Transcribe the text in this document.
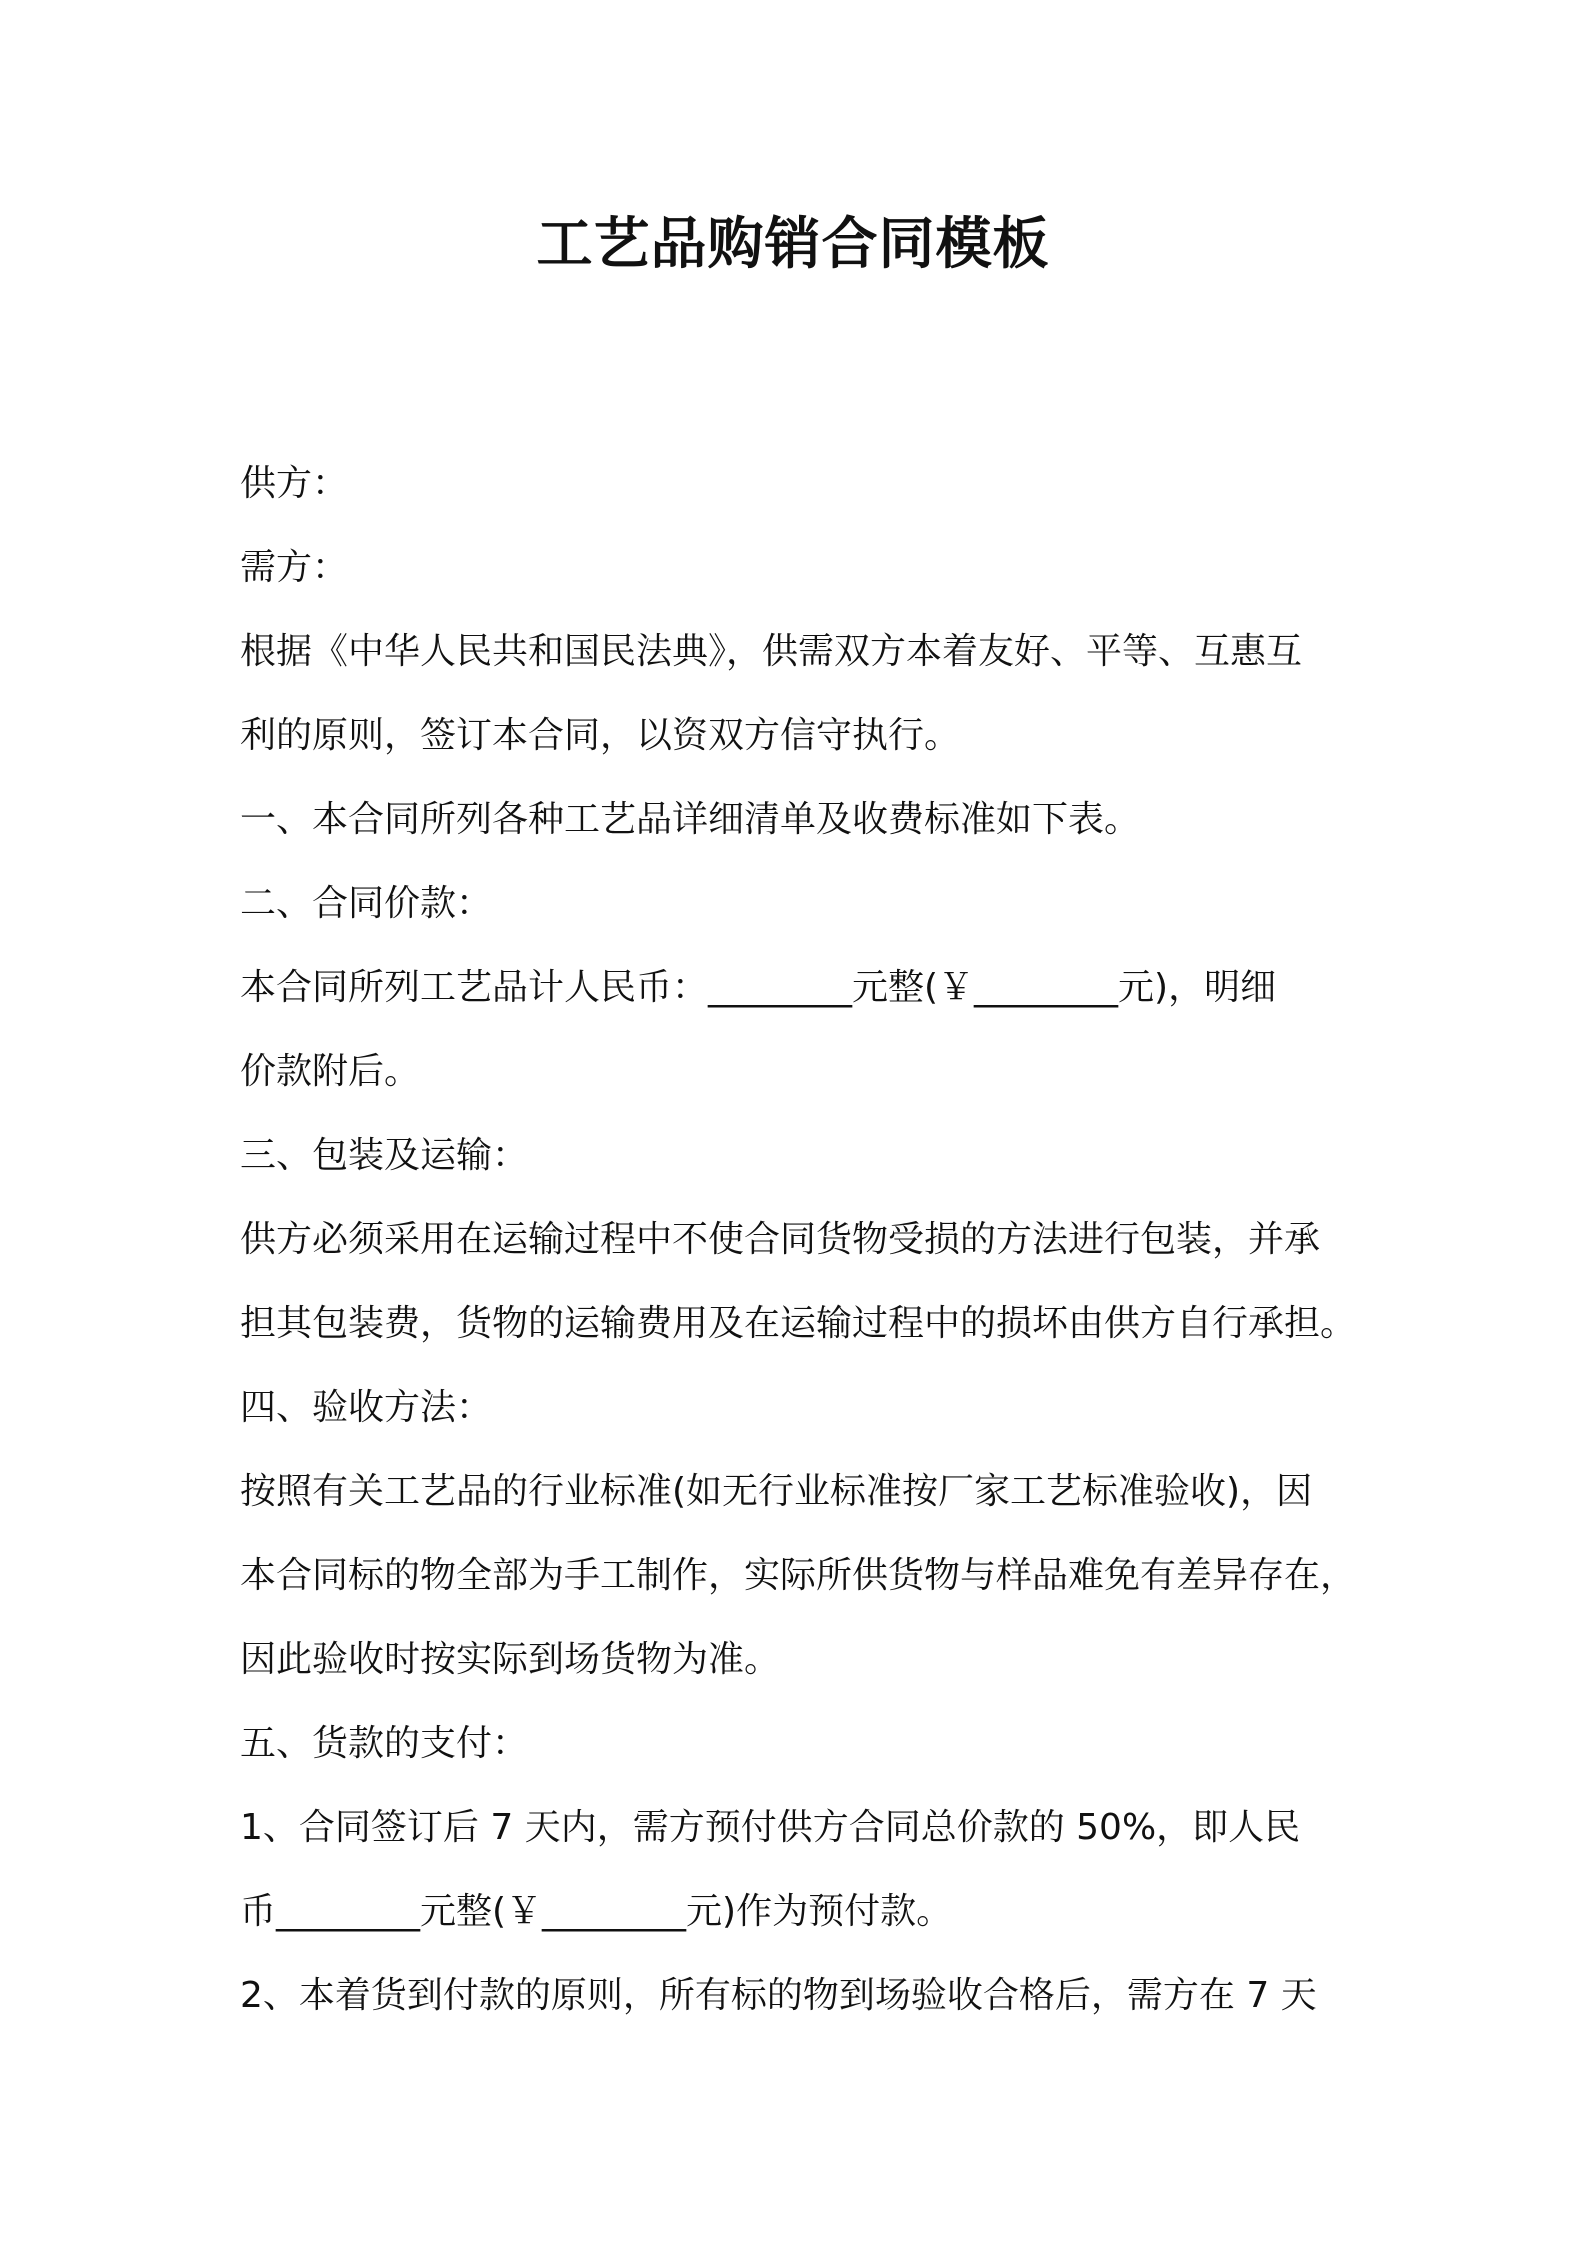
工艺品购销合同模板

供方：

需方：

根据《中华人民共和国民法典》，供需双方本着友好、平等、互惠互

利的原则，签订本合同，以资双方信守执行。

一、本合同所列各种工艺品详细清单及收费标准如下表。

二、合同价款：

本合同所列工艺品计人民币：________元整(￥________元)，明细

价款附后。

三、包装及运输：

供方必须采用在运输过程中不使合同货物受损的方法进行包装，并承

担其包装费，货物的运输费用及在运输过程中的损坏由供方自行承担。

四、验收方法：

按照有关工艺品的行业标准(如无行业标准按厂家工艺标准验收)，因

本合同标的物全部为手工制作，实际所供货物与样品难免有差异存在，

因此验收时按实际到场货物为准。

五、货款的支付：

1、合同签订后 7 天内，需方预付供方合同总价款的 50%，即人民

币________元整(￥________元)作为预付款。

2、本着货到付款的原则，所有标的物到场验收合格后，需方在 7 天
